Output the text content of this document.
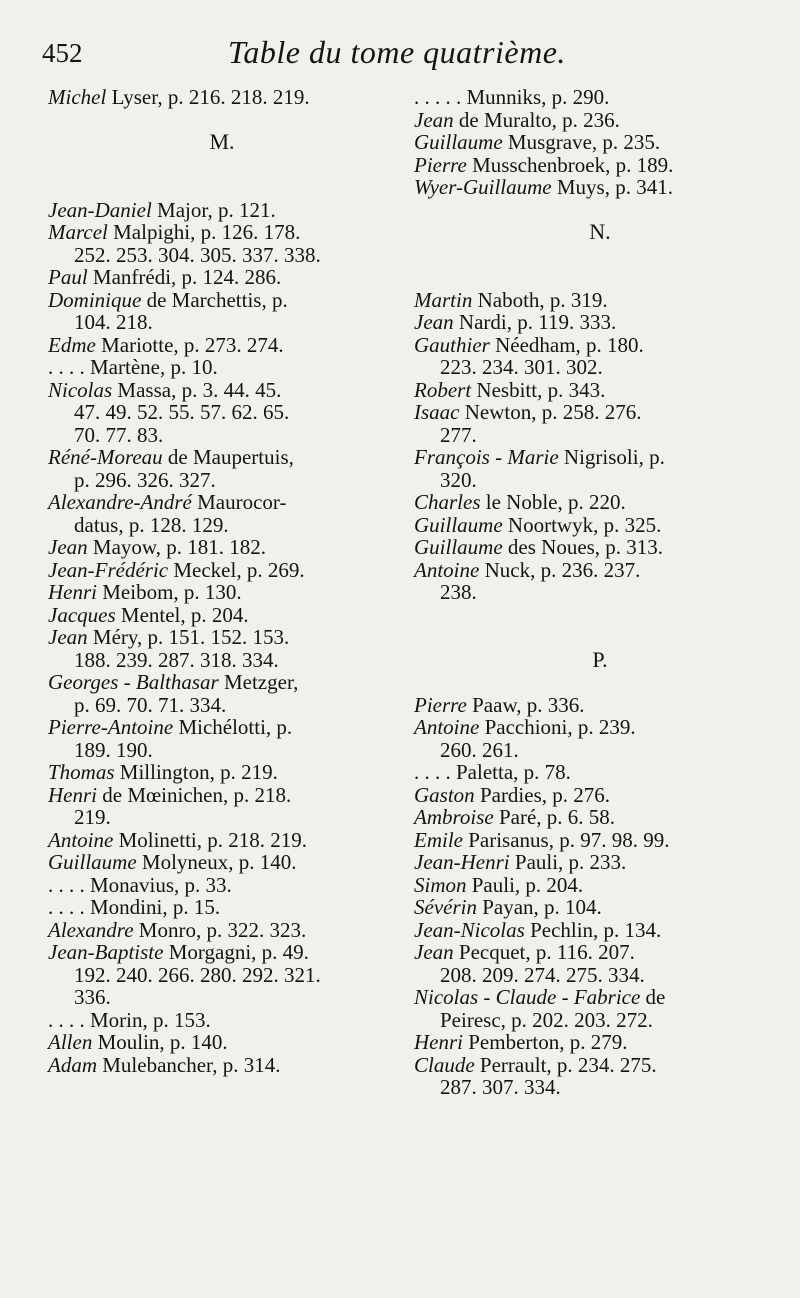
452	Table du tome quatrième.
Michel Lyser, p. 216. 218. 219.
M.
Jean-Daniel Major, p. 121.
Marcel Malpighi, p. 126. 178.
252. 253. 304. 305. 337. 338.
Paul Manfrédi, p. 124. 286.
Dominique de Marchettis, p.
104. 218.
Edme Mariotte, p. 273. 274.
. . . . Martène, p. 10.
Nicolas Massa, p. 3. 44. 45.
47. 49. 52. 55. 57. 62. 65.
70. 77. 83.
Réné-Moreau de Maupertuis,
p. 296. 326. 327.
Alexandre-André Maurocor-
datus, p. 128. 129.
Jean Mayow, p. 181. 182.
Jean-Frédéric Meckel, p. 269.
Henri Meibom, p. 130.
Jacques Mentel, p. 204.
Jean Méry, p. 151. 152. 153.
188. 239. 287. 318. 334.
Georges - Balthasar Metzger,
p. 69. 70. 71. 334.
Pierre-Antoine Michélotti, p.
189. 190.
Thomas Millington, p. 219.
Henri de Mœinichen, p. 218.
219.
Antoine Molinetti, p. 218. 219.
Guillaume Molyneux, p. 140.
. . . . Monavius, p. 33.
. . . . Mondini, p. 15.
Alexandre Monro, p. 322. 323.
Jean-Baptiste Morgagni, p. 49.
192. 240. 266. 280. 292. 321.
336.
. . . . Morin, p. 153.
Allen Moulin, p. 140.
Adam Mulebancher, p. 314.
. . . . . Munniks, p. 290.
Jean de Muralto, p. 236.
Guillaume Musgrave, p. 235.
Pierre Musschenbroek, p. 189.
Wyer-Guillaume Muys, p. 341.
N.
Martin Naboth, p. 319.
Jean Nardi, p. 119. 333.
Gauthier Néedham, p. 180.
223. 234. 301. 302.
Robert Nesbitt, p. 343.
Isaac Newton, p. 258. 276.
277.
François - Marie Nigrisoli, p.
320.
Charles le Noble, p. 220.
Guillaume Noortwyk, p. 325.
Guillaume des Noues, p. 313.
Antoine Nuck, p. 236. 237.
238.
P.
Pierre Paaw, p. 336.
Antoine Pacchioni, p. 239.
260. 261.
. . . . Paletta, p. 78.
Gaston Pardies, p. 276.
Ambroise Paré, p. 6. 58.
Emile Parisanus, p. 97. 98. 99.
Jean-Henri Pauli, p. 233.
Simon Pauli, p. 204.
Sévérin Payan, p. 104.
Jean-Nicolas Pechlin, p. 134.
Jean Pecquet, p. 116. 207.
208. 209. 274. 275. 334.
Nicolas - Claude - Fabrice de
Peiresc, p. 202. 203. 272.
Henri Pemberton, p. 279.
Claude Perrault, p. 234. 275.
287. 307. 334.
